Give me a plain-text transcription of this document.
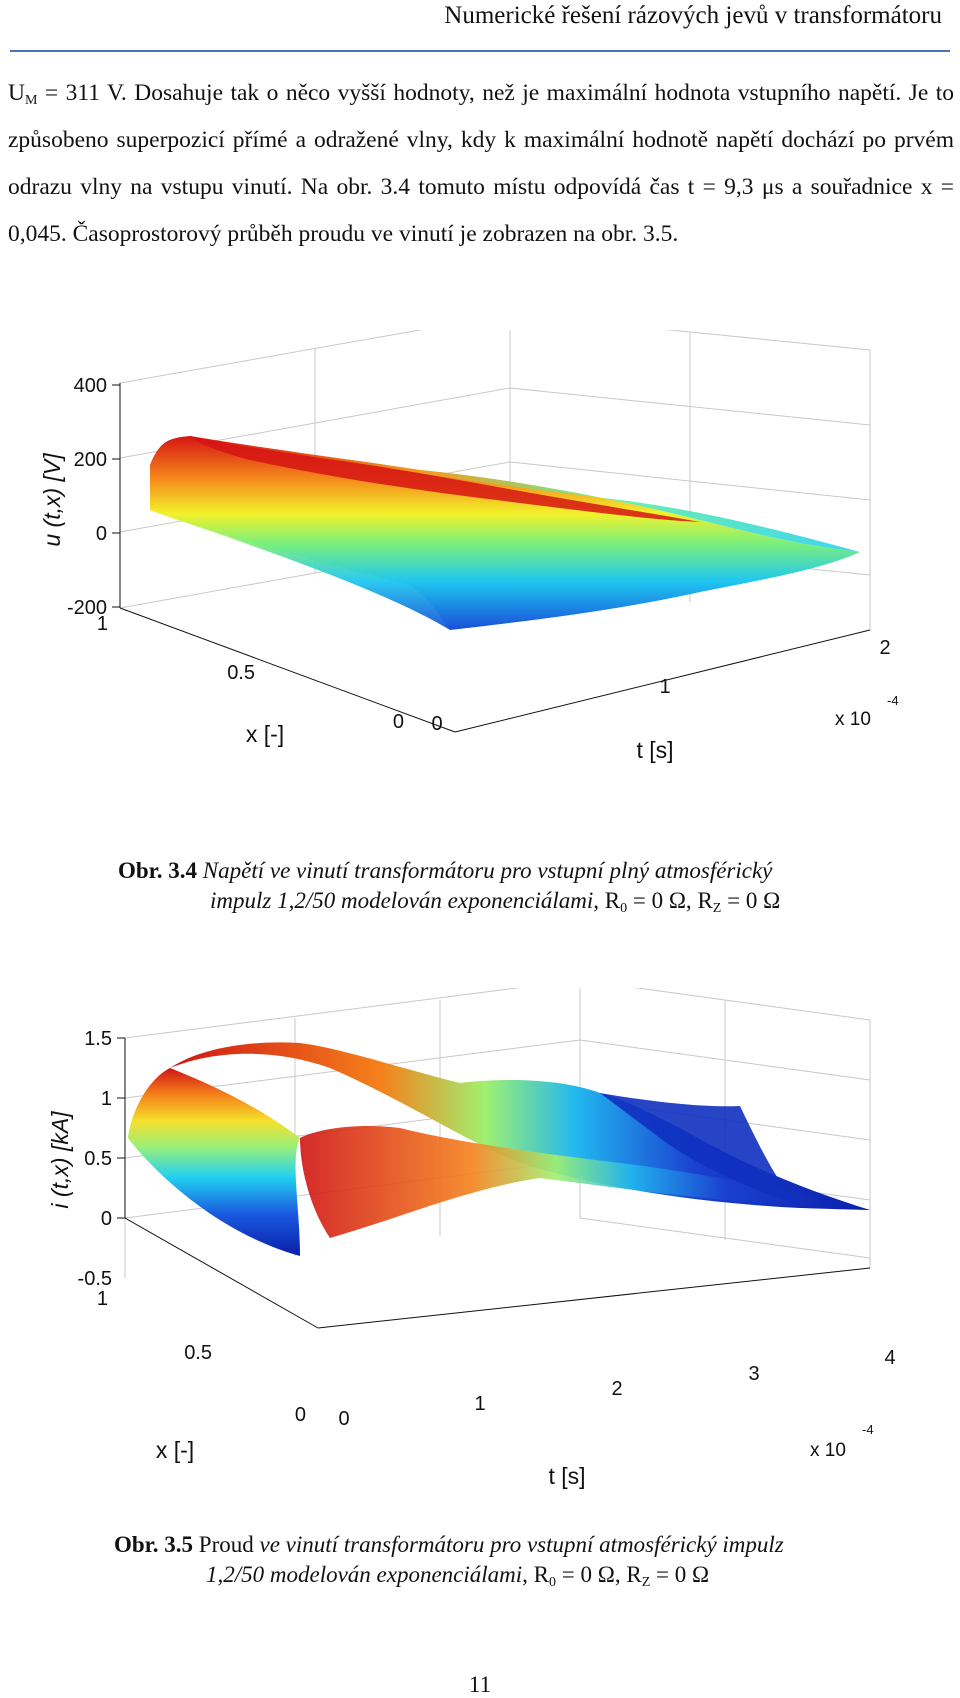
Numerické řešení rázových jevů v transformátoru

$U_M = 311$ V. Dosahuje tak o něco vyšší hodnoty, než je maximální hodnota vstupního napětí. Je to způsobeno superpozicí přímé a odražené vlny, kdy k maximální hodnotě napětí dochází po prvém odrazu vlny na vstupu vinutí. Na obr. 3.4 tomuto místu odpovídá čas t = 9,3 μs a souřadnice x = 0,045. Časoprostorový průběh proudu ve vinutí je zobrazen na obr. 3.5.

400
200
0
-200
1
0.5
0 0
1
2
x 10
-4
u (t,x) [V]
x [-]
t [s]
Obr. 3.4 Napětí ve vinutí transformátoru pro vstupní plný atmosférický
impulz 1,2/50 modelován exponenciálami, $R_0 = 0$ Ω, $R_Z = 0$ Ω
1.5
1
0.5
0
-0.5
1
0.5
0 0
1
2
3
4
x 10
-4
i (t,x) [kA]
x [-]
t [s]
Obr. 3.5 Proud ve vinutí transformátoru pro vstupní atmosférický impulz
1,2/50 modelován exponenciálami, $R_0 = 0$ Ω, $R_Z = 0$ Ω
11
